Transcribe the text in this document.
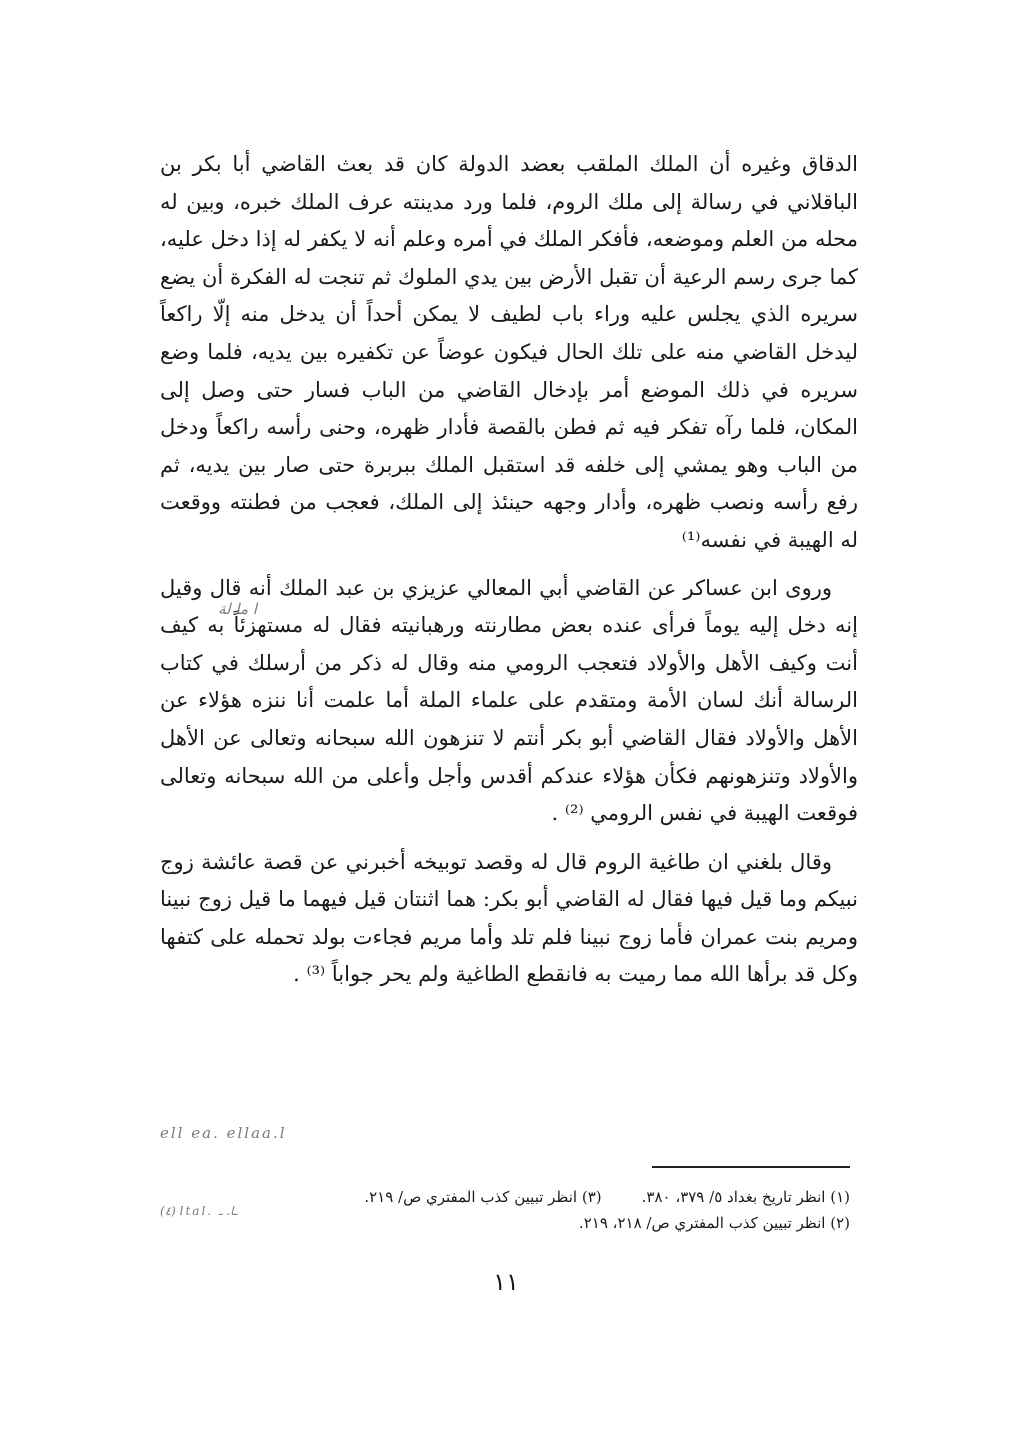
الدقاق وغيره أن الملك الملقب بعضد الدولة كان قد بعث القاضي أبا بكر بن الباقلاني في رسالة إلى ملك الروم، فلما ورد مدينته عرف الملك خبره، وبين له محله من العلم وموضعه، فأفكر الملك في أمره وعلم أنه لا يكفر له إذا دخل عليه، كما جرى رسم الرعية أن تقبل الأرض بين يدي الملوك ثم تنجت له الفكرة أن يضع سريره الذي يجلس عليه وراء باب لطيف لا يمكن أحداً أن يدخل منه إلّا راكعاً ليدخل القاضي منه على تلك الحال فيكون عوضاً عن تكفيره بين يديه، فلما وضع سريره في ذلك الموضع أمر بإدخال القاضي من الباب فسار حتى وصل إلى المكان، فلما رآه تفكر فيه ثم فطن بالقصة فأدار ظهره، وحنى رأسه راكعاً ودخل من الباب وهو يمشي إلى خلفه قد استقبل الملك ببربرة حتى صار بين يديه، ثم رفع رأسه ونصب ظهره، وأدار وجهه حينئذ إلى الملك، فعجب من فطنته ووقعت له الهيبة في نفسه⁽¹⁾

وروى ابن عساكر عن القاضي أبي المعالي عزيزي بن عبد الملك أنه قال وقيل إنه دخل إليه يوماً فرأى عنده بعض مطارنته ورهبانيته فقال له مستهزئاً به كيف أنت وكيف الأهل والأولاد فتعجب الرومي منه وقال له ذكر من أرسلك في كتاب الرسالة أنك لسان الأمة ومتقدم على علماء الملة أما علمت أنا ننزه هؤلاء عن الأهل والأولاد فقال القاضي أبو بكر أنتم لا تنزهون الله سبحانه وتعالى عن الأهل والأولاد وتنزهونهم فكأن هؤلاء عندكم أقدس وأجل وأعلى من الله سبحانه وتعالى فوقعت الهيبة في نفس الرومي ⁽²⁾ .

وقال بلغني ان طاغية الروم قال له وقصد توبيخه أخبرني عن قصة عائشة زوج نبيكم وما قيل فيها فقال له القاضي أبو بكر: هما اثنتان قيل فيهما ما قيل زوج نبينا ومريم بنت عمران فأما زوج نبينا فلم تلد وأما مريم فجاءت بولد تحمله على كتفها وكل قد برأها الله مما رميت به فانقطع الطاغية ولم يحر جواباً ⁽³⁾ .

ا ما لة
ell ea. ellaa.l
(٤) ltal. ـا. ـ
(١) انظر تاريخ بغداد ٥/ ٣٧٩، ٣٨٠.
(٣) انظر تبيين كذب المفتري ص/ ٢١٩.
(٢) انظر تبيين كذب المفتري ص/ ٢١٨، ٢١٩.
١١
